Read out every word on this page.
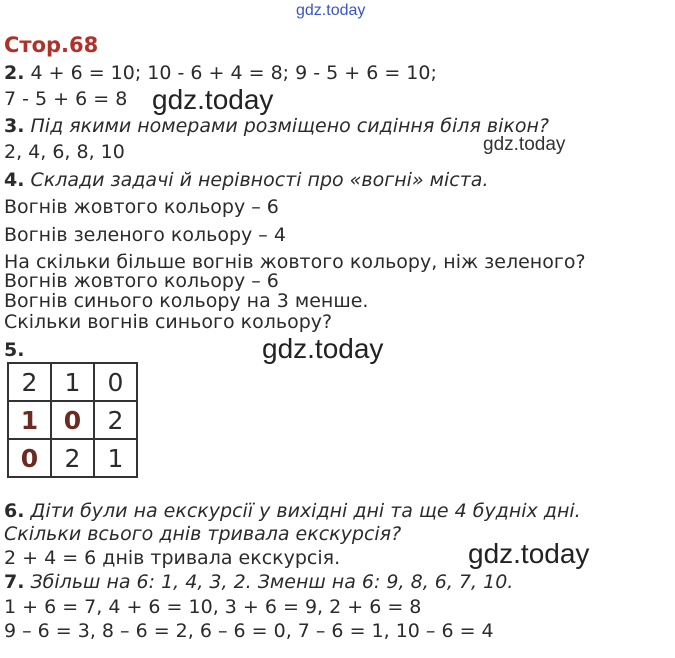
gdz.today
gdz.today
gdz.today
gdz.today
gdz.today
Стор.68
2. 4 + 6 = 10; 10 - 6 + 4 = 8; 9 - 5 + 6 = 10;
7 - 5 + 6 = 8
3. Під якими номерами розміщено сидіння біля вікон?
2, 4, 6, 8, 10
4. Склади задачі й нерівності про «вогні» міста.
Вогнів жовтого кольору – 6
Вогнів зеленого кольору – 4
На скільки більше вогнів жовтого кольору, ніж зеленого?
Вогнів жовтого кольору – 6
Вогнів синього кольору на 3 менше.
Скільки вогнів синього кольору?
5.
2	1	0
1	0	2
0	2	1
6. Діти були на екскурсії у вихідні дні та ще 4 будніх дні.
Скільки всього днів тривала екскурсія?
2 + 4 = 6 днів тривала екскурсія.
7. Збільш на 6: 1, 4, 3, 2. Зменш на 6: 9, 8, 6, 7, 10.
1 + 6 = 7, 4 + 6 = 10, 3 + 6 = 9, 2 + 6 = 8
9 – 6 = 3, 8 – 6 = 2, 6 – 6 = 0, 7 – 6 = 1, 10 – 6 = 4
